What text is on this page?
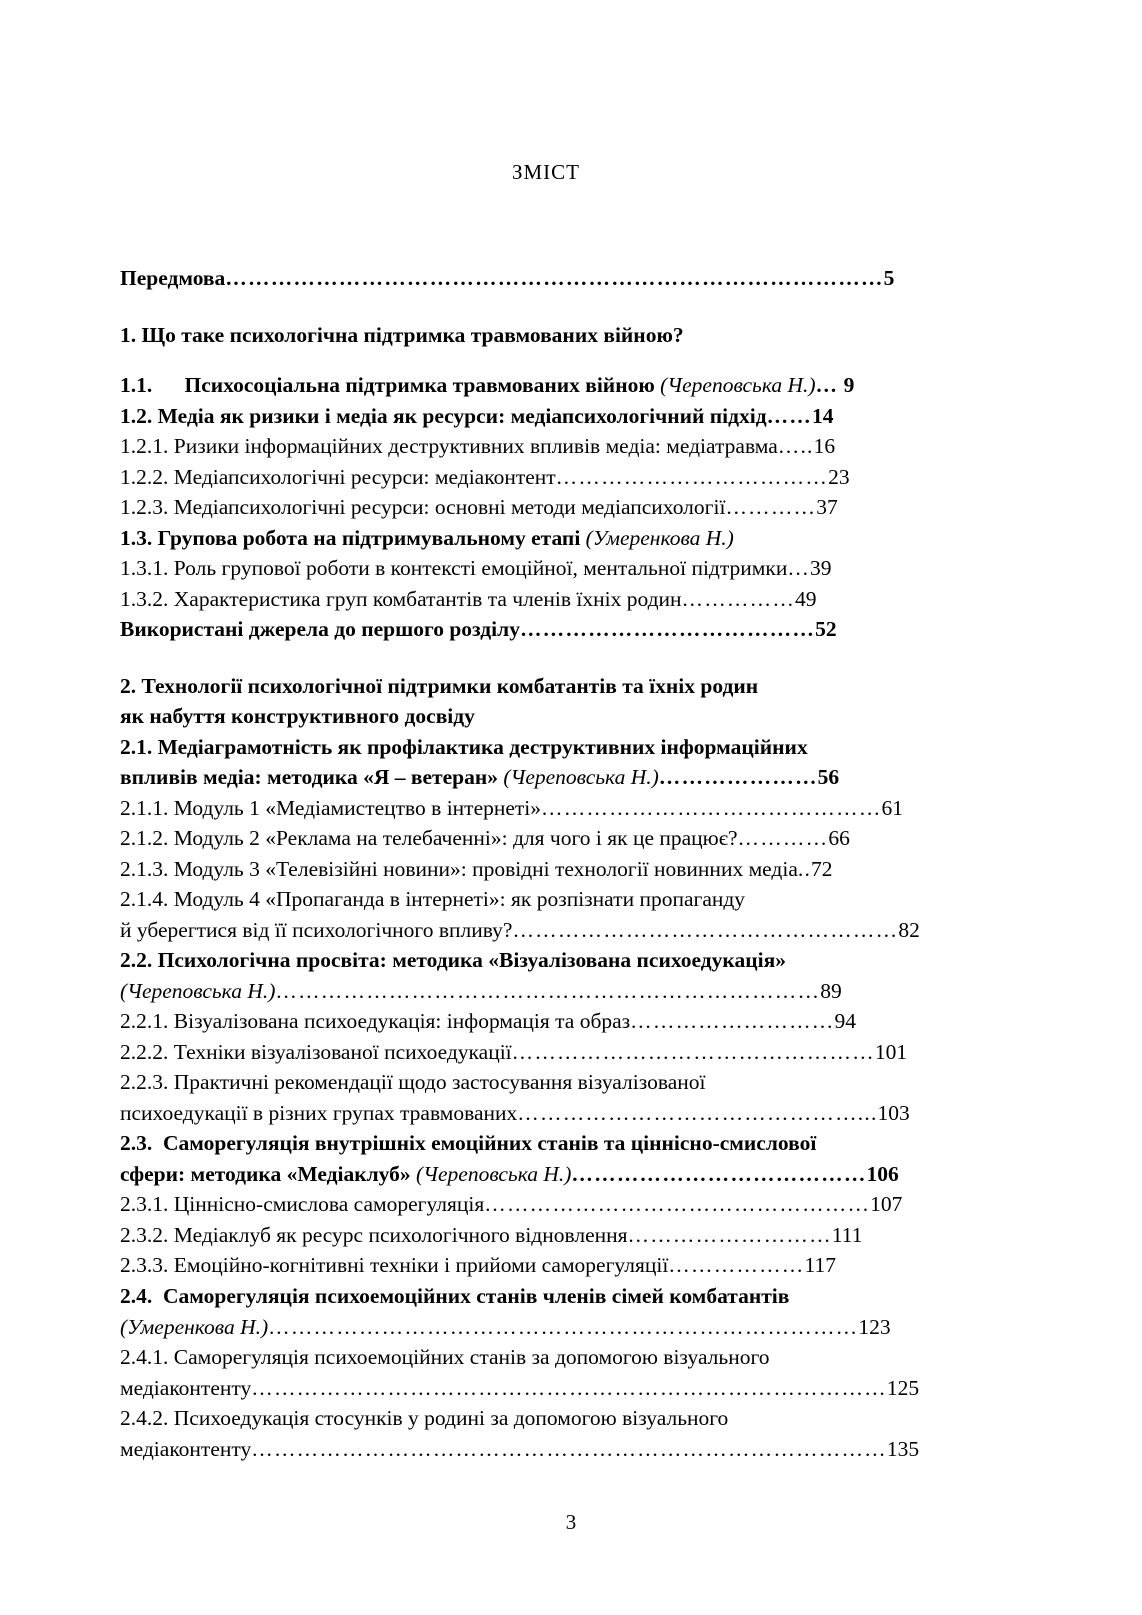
ЗМІСТ
Передмова……………………………………………………………………………5
1. Що таке психологічна підтримка травмованих війною?
1.1.   Психосоціальна підтримка травмованих війною (Череповська Н.)… 9
1.2. Медіа як ризики і медіа як ресурси: медіапсихологічний підхід……14
1.2.1. Ризики інформаційних деструктивних впливів медіа: медіатравма…..16
1.2.2. Медіапсихологічні ресурси: медіаконтент………………………………23
1.2.3. Медіапсихологічні ресурси: основні методи медіапсихології…………37
1.3. Групова робота на підтримувальному етапі (Умеренкова Н.)
1.3.1. Роль групової роботи в контексті емоційної, ментальної підтримки…39
1.3.2. Характеристика груп комбатантів та членів їхніх родин……………49
Використані джерела до першого розділу…………………………………52
2. Технології психологічної підтримки комбатантів та їхніх родин
як набуття конструктивного досвіду
2.1. Медіаграмотність як профілактика деструктивних інформаційних
впливів медіа: методика «Я – ветеран» (Череповська Н.)…………………56
2.1.1. Модуль 1 «Медіамистецтво в інтернеті»………………………………………61
2.1.2. Модуль 2 «Реклама на телебаченні»: для чого і як це працює?…………66
2.1.3. Модуль 3 «Телевізійні новини»: провідні технології новинних медіа..72
2.1.4. Модуль 4 «Пропаганда в інтернеті»: як розпізнати пропаганду
й уберегтися від її психологічного впливу?……………………………………………82
2.2. Психологічна просвіта: методика «Візуалізована психоедукація»
(Череповська Н.)………………………………………………………………89
2.2.1. Візуалізована психоедукація: інформація та образ………………………94
2.2.2. Техніки візуалізованої психоедукації…………………………………………101
2.2.3. Практичні рекомендації щодо застосування візуалізованої
психоедукації в різних групах травмованих………………………………………...103
2.3.  Саморегуляція внутрішніх емоційних станів та ціннісно-смислової
сфери: методика «Медіаклуб» (Череповська Н.)…………………………………106
2.3.1. Ціннісно-смислова саморегуляція……………………………………………107
2.3.2. Медіаклуб як ресурс психологічного відновлення………………………111
2.3.3. Емоційно-когнітивні техніки і прийоми саморегуляції………………117
2.4.  Саморегуляція психоемоційних станів членів сімей комбатантів
(Умеренкова Н.)……………………………………………………………………123
2.4.1. Саморегуляція психоемоційних станів за допомогою візуального
медіаконтенту…………………………………………………………………………125
2.4.2. Психоедукація стосунків у родині за допомогою візуального
медіаконтенту…………………………………………………………………………135
3
